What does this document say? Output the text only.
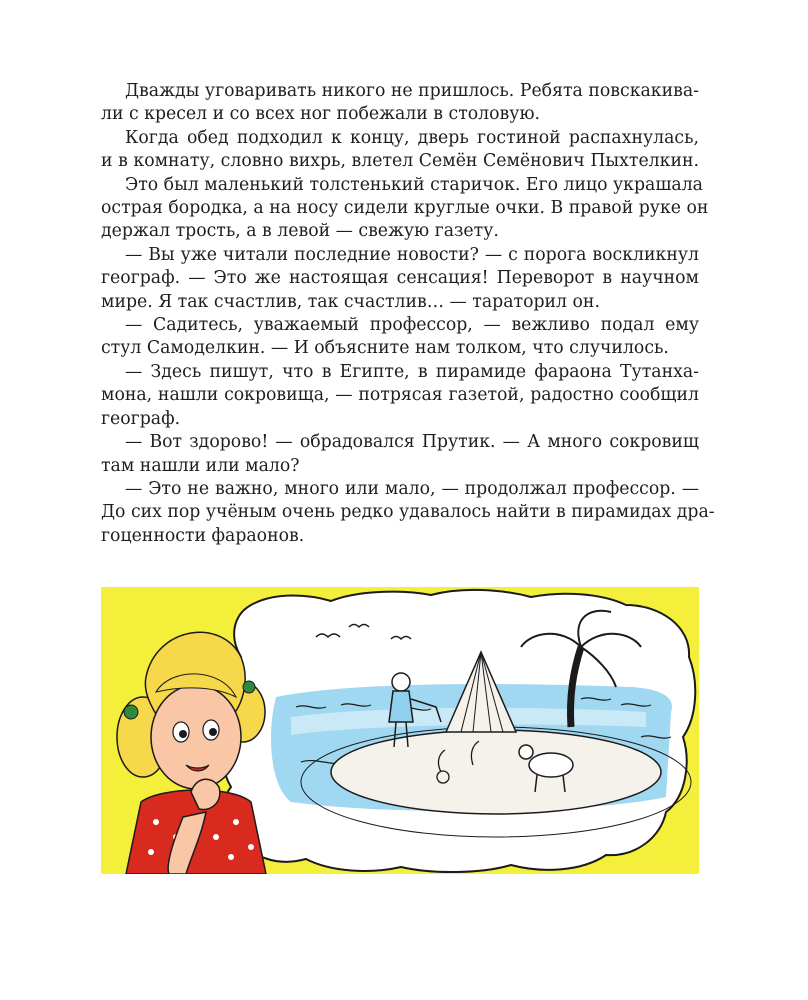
Дважды уговаривать никого не пришлось. Ребята повскакива-
ли с кресел и со всех ног побежали в столовую.

Когда обед подходил к концу, дверь гостиной распахнулась,
и в комнату, словно вихрь, влетел Семён Семёнович Пыхтелкин.

Это был маленький толстенький старичок. Его лицо украшала
острая бородка, а на носу сидели круглые очки. В правой руке он
держал трость, а в левой — свежую газету.

— Вы уже читали последние новости? — с порога воскликнул
географ. — Это же настоящая сенсация! Переворот в научном
мире. Я так счастлив, так счастлив… — тараторил он.

— Садитесь, уважаемый профессор, — вежливо подал ему
стул Самоделкин. — И объясните нам толком, что случилось.

— Здесь пишут, что в Египте, в пирамиде фараона Тутанха-
мона, нашли сокровища, — потрясая газетой, радостно сообщил
географ.

— Вот здорово! — обрадовался Прутик. — А много сокровищ
там нашли или мало?

— Это не важно, много или мало, — продолжал профессор. —
До сих пор учёным очень редко удавалось найти в пирамидах дра-
гоценности фараонов.
